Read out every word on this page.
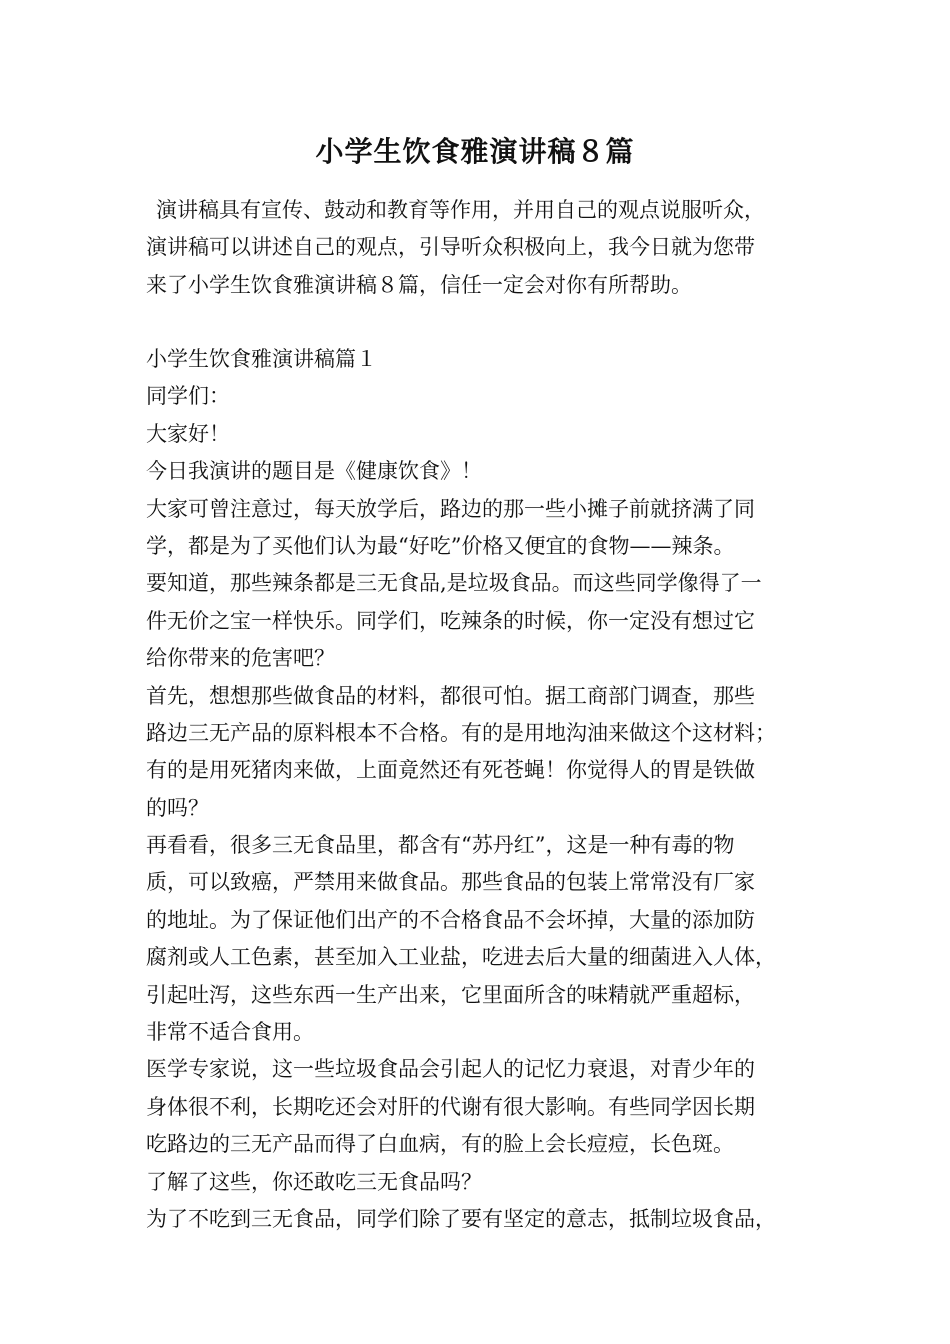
小学生饮食雅演讲稿８篇
演讲稿具有宣传、鼓动和教育等作用，并用自己的观点说服听众，
演讲稿可以讲述自己的观点，引导听众积极向上，我今日就为您带
来了小学生饮食雅演讲稿８篇，信任一定会对你有所帮助。
小学生饮食雅演讲稿篇１
同学们：
大家好！
今日我演讲的题目是《健康饮食》！
大家可曾注意过，每天放学后，路边的那一些小摊子前就挤满了同
学，都是为了买他们认为最“好吃”价格又便宜的食物——辣条。
要知道，那些辣条都是三无食品,是垃圾食品。而这些同学像得了一
件无价之宝一样快乐。同学们，吃辣条的时候，你一定没有想过它
给你带来的危害吧？
首先，想想那些做食品的材料，都很可怕。据工商部门调查，那些
路边三无产品的原料根本不合格。有的是用地沟油来做这个这材料；
有的是用死猪肉来做，上面竟然还有死苍蝇！你觉得人的胃是铁做
的吗？
再看看，很多三无食品里，都含有“苏丹红”，这是一种有毒的物
质，可以致癌，严禁用来做食品。那些食品的包装上常常没有厂家
的地址。为了保证他们出产的不合格食品不会坏掉，大量的添加防
腐剂或人工色素，甚至加入工业盐，吃进去后大量的细菌进入人体，
引起吐泻，这些东西一生产出来，它里面所含的味精就严重超标，
非常不适合食用。
医学专家说，这一些垃圾食品会引起人的记忆力衰退，对青少年的
身体很不利，长期吃还会对肝的代谢有很大影响。有些同学因长期
吃路边的三无产品而得了白血病，有的脸上会长痘痘，长色斑。
了解了这些，你还敢吃三无食品吗？
为了不吃到三无食品，同学们除了要有坚定的意志，抵制垃圾食品，
